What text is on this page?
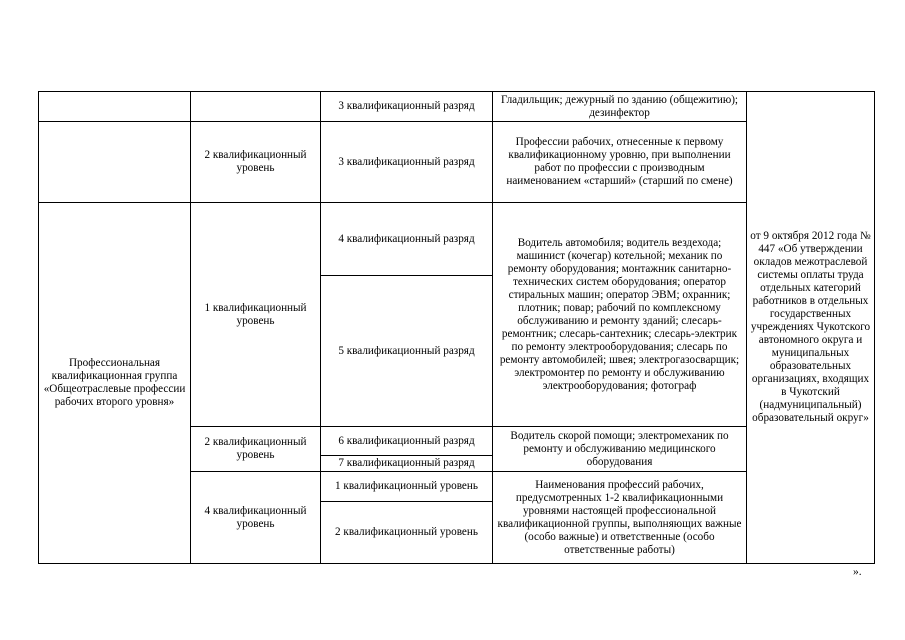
		3 квалификационный разряд	Гладильщик; дежурный по зданию (общежитию); дезинфектор	от 9 октября 2012 года № 447 «Об утверждении окладов межотраслевой системы оплаты труда отдельных категорий работников в отдельных государственных учреждениях Чукотского автономного округа и муниципальных образовательных организациях, входящих в Чукотский (надмуниципальный) образовательный округ»
	2 квалификационный уровень	3 квалификационный разряд	Профессии рабочих, отнесенные к первому квалификационному уровню, при выполнении работ по профессии с производным наименованием «старший» (старший по смене)	
Профессиональная квалификационная группа «Общеотраслевые профессии рабочих второго уровня»	1 квалификационный уровень	4 квалификационный разряд	Водитель автомобиля; водитель вездехода; машинист (кочегар) котельной; механик по ремонту оборудования; монтажник санитарно-технических систем оборудования; оператор стиральных машин; оператор ЭВМ; охранник; плотник; повар; рабочий по комплексному обслуживанию и ремонту зданий; слесарь-ремонтник; слесарь-сантехник; слесарь-электрик по ремонту электрооборудования; слесарь по ремонту автомобилей; швея; электрогазосварщик; электромонтер по ремонту и обслуживанию электрооборудования; фотограф	
		5 квалификационный разряд		
	2 квалификационный уровень	6 квалификационный разряд	Водитель скорой помощи; электромеханик по ремонту и обслуживанию медицинского оборудования	
		7 квалификационный разряд		
	4 квалификационный уровень	1 квалификационный уровень	Наименования профессий рабочих, предусмотренных 1-2 квалификационными уровнями настоящей профессиональной квалификационной группы, выполняющих важные (особо важные) и ответственные (особо ответственные работы)	
		2 квалификационный уровень		
».
